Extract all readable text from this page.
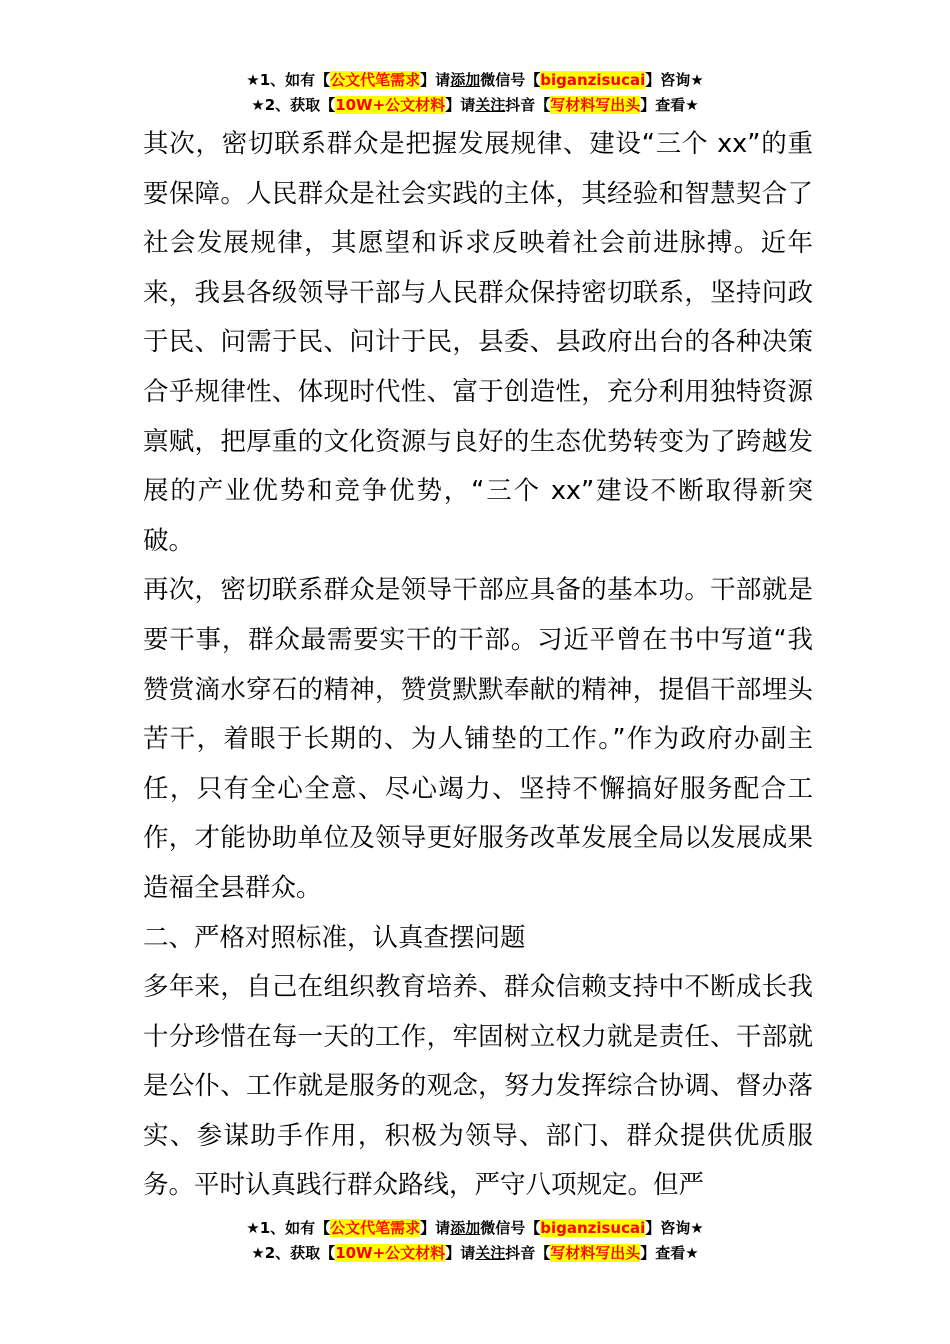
★1、如有【公文代笔需求】请添加微信号【biganzisucai】咨询★
★2、获取【10W+公文材料】请关注抖音【写材料写出头】查看★

其次，密切联系群众是把握发展规律、建设“三个 xx”的重要保障。人民群众是社会实践的主体，其经验和智慧契合了社会发展规律，其愿望和诉求反映着社会前进脉搏。近年来，我县各级领导干部与人民群众保持密切联系，坚持问政于民、问需于民、问计于民，县委、县政府出台的各种决策合乎规律性、体现时代性、富于创造性，充分利用独特资源禀赋，把厚重的文化资源与良好的生态优势转变为了跨越发展的产业优势和竞争优势，“三个 xx”建设不断取得新突破。

再次，密切联系群众是领导干部应具备的基本功。干部就是要干事，群众最需要实干的干部。习近平曾在书中写道“我赞赏滴水穿石的精神，赞赏默默奉献的精神，提倡干部埋头苦干，着眼于长期的、为人铺垫的工作。”作为政府办副主任，只有全心全意、尽心竭力、坚持不懈搞好服务配合工作，才能协助单位及领导更好服务改革发展全局以发展成果造福全县群众。

二、严格对照标准，认真查摆问题

多年来，自己在组织教育培养、群众信赖支持中不断成长我十分珍惜在每一天的工作，牢固树立权力就是责任、干部就是公仆、工作就是服务的观念，努力发挥综合协调、督办落实、参谋助手作用，积极为领导、部门、群众提供优质服务。平时认真践行群众路线，严守八项规定。但严

★1、如有【公文代笔需求】请添加微信号【biganzisucai】咨询★
★2、获取【10W+公文材料】请关注抖音【写材料写出头】查看★
